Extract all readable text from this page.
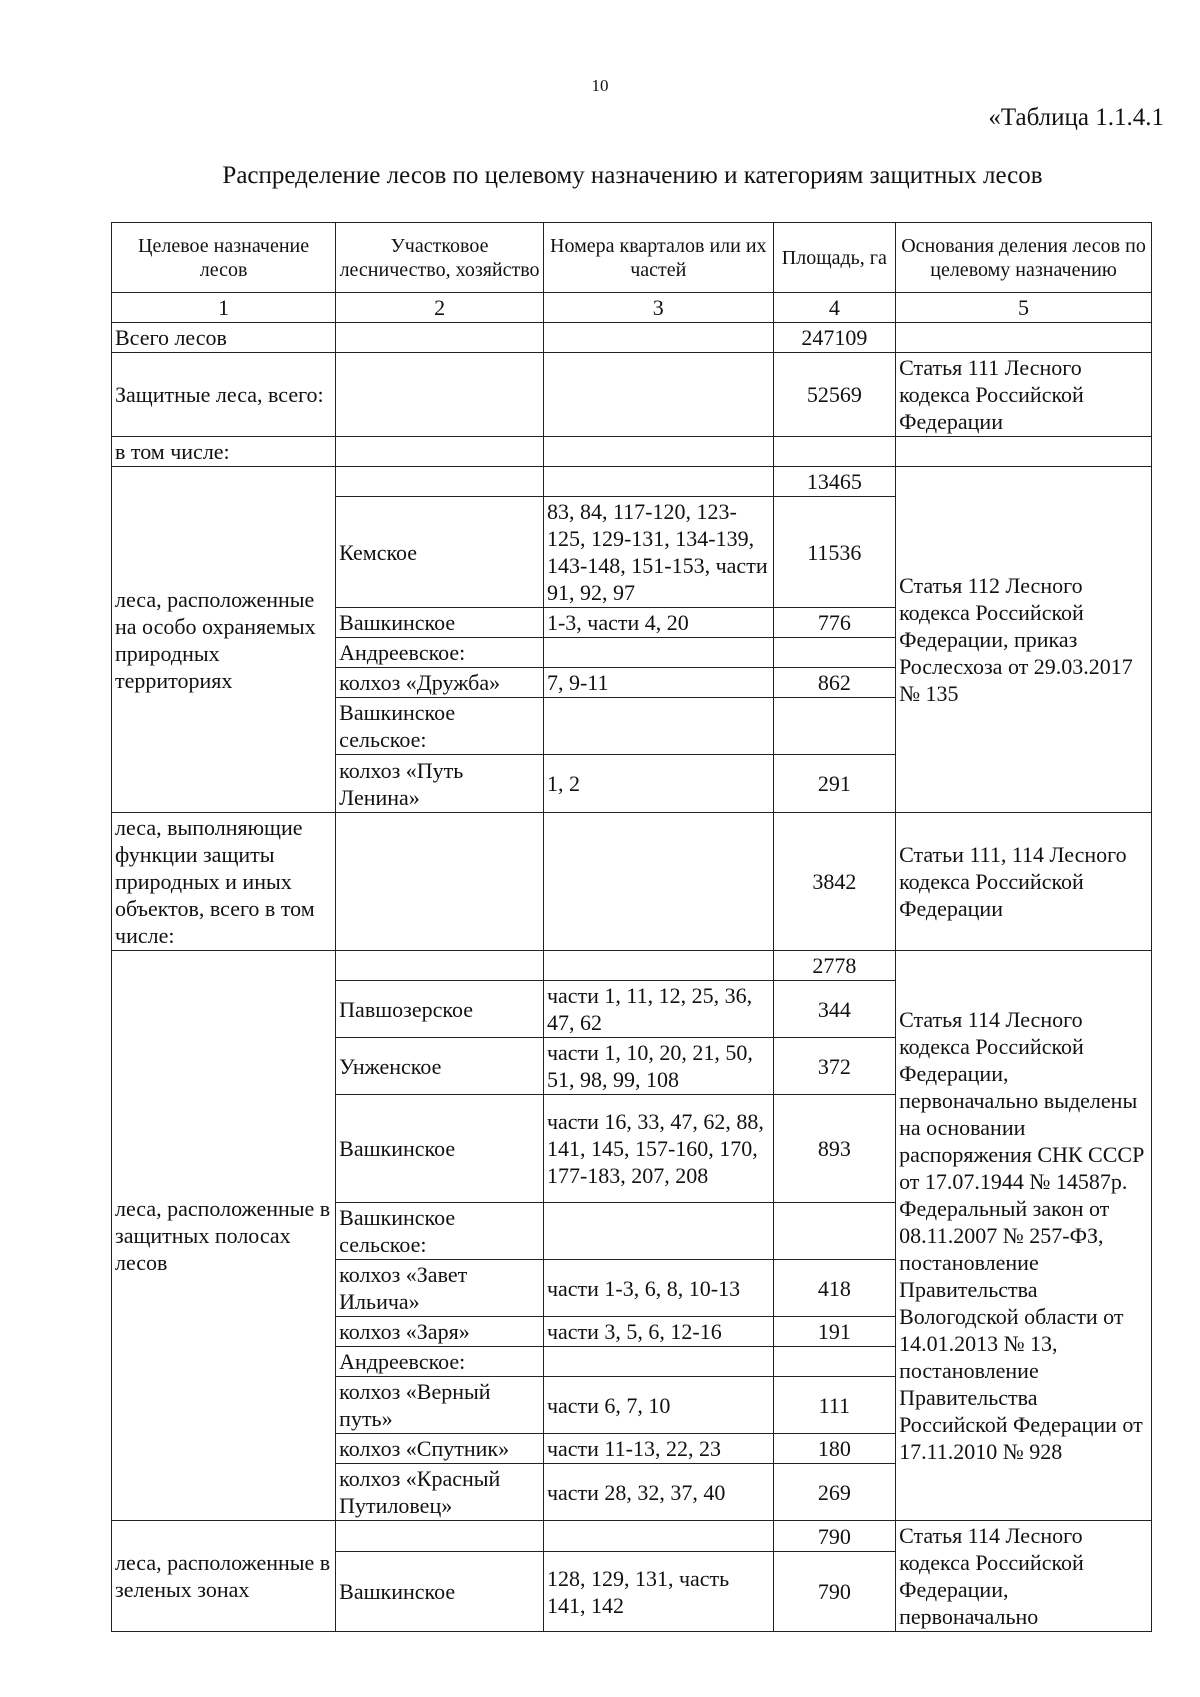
10
«Таблица 1.1.4.1
Распределение лесов по целевому назначению и категориям защитных лесов
Целевое назначение лесов	Участковое лесничество, хозяйство	Номера кварталов или их частей	Площадь, га	Основания деления лесов по целевому назначению
1	2	3	4	5
Всего лесов			247109	
Защитные леса, всего:			52569	Статья 111 Лесного кодекса Российской Федерации
в том числе:				
леса, расположенные на особо охраняемых природных территориях			13465	Статья 112 Лесного кодекса Российской Федерации, приказ Рослесхоза от 29.03.2017 № 135
	Кемское	83, 84, 117-120, 123-125, 129-131, 134-139, 143-148, 151-153, части 91, 92, 97	11536	
	Вашкинское	1-3, части 4, 20	776	
	Андреевское:			
	колхоз «Дружба»	7, 9-11	862	
	Вашкинское сельское:			
	колхоз «Путь Ленина»	1, 2	291	
леса, выполняющие функции защиты природных и иных объектов, всего в том числе:			3842	Статьи 111, 114 Лесного кодекса Российской Федерации
леса, расположенные в защитных полосах лесов			2778	Статья 114 Лесного кодекса Российской Федерации, первоначально выделены на основании распоряжения СНК СССР от 17.07.1944 № 14587р. Федеральный закон от 08.11.2007 № 257-ФЗ, постановление Правительства Вологодской области от 14.01.2013 № 13, постановление Правительства Российской Федерации от 17.11.2010 № 928
	Павшозерское	части 1, 11, 12, 25, 36, 47, 62	344	
	Унженское	части 1, 10, 20, 21, 50, 51, 98, 99, 108	372	
	Вашкинское	части 16, 33, 47, 62, 88, 141, 145, 157-160, 170, 177-183, 207, 208	893	
	Вашкинское сельское:			
	колхоз «Завет Ильича»	части 1-3, 6, 8, 10-13	418	
	колхоз «Заря»	части 3, 5, 6, 12-16	191	
	Андреевское:			
	колхоз «Верный путь»	части 6, 7, 10	111	
	колхоз «Спутник»	части 11-13, 22, 23	180	
	колхоз «Красный Путиловец»	части 28, 32, 37, 40	269	
леса, расположенные в зеленых зонах			790	Статья 114 Лесного кодекса Российской Федерации, первоначально
	Вашкинское	128, 129, 131, часть 141, 142	790	
